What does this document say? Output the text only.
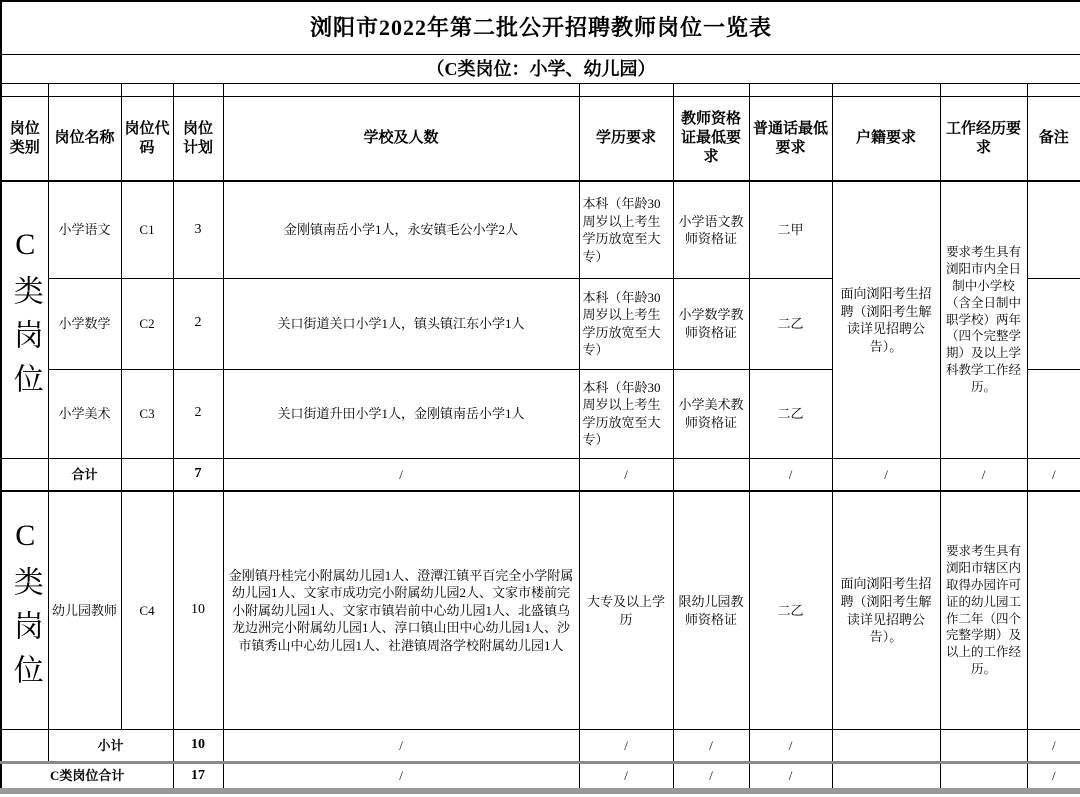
浏阳市2022年第二批公开招聘教师岗位一览表										
（C类岗位：小学、幼儿园）										

岗位类别	岗位名称	岗位代码	岗位计划	学校及人数	学历要求	教师资格证最低要求	普通话最低要求	户籍要求	工作经历要求	备注
C类岗位	小学语文	C1	3	金刚镇南岳小学1人，永安镇毛公小学2人	本科（年龄30周岁以上考生学历放宽至大专）	小学语文教师资格证	二甲	面向浏阳考生招聘（浏阳考生解读详见招聘公告）。	要求考生具有浏阳市内全日制中小学校（含全日制中职学校）两年（四个完整学期）及以上学科教学工作经历。	
	小学数学	C2	2	关口街道关口小学1人，镇头镇江东小学1人	本科（年龄30周岁以上考生学历放宽至大专）	小学数学教师资格证	二乙			
	小学美术	C3	2	关口街道升田小学1人，金刚镇南岳小学1人	本科（年龄30周岁以上考生学历放宽至大专）	小学美术教师资格证	二乙			
	合计		7	/	/		/	/	/	/
C类岗位	幼儿园教师	C4	10	金刚镇丹桂完小附属幼儿园1人、澄潭江镇平百完全小学附属幼儿园1人、文家市成功完小附属幼儿园2人、文家市楼前完小附属幼儿园1人、文家市镇岩前中心幼儿园1人、北盛镇乌龙边洲完小附属幼儿园1人、淳口镇山田中心幼儿园1人、沙市镇秀山中心幼儿园1人、社港镇周洛学校附属幼儿园1人	大专及以上学历	限幼儿园教师资格证	二乙	面向浏阳考生招聘（浏阳考生解读详见招聘公告）。	要求考生具有浏阳市辖区内取得办园许可证的幼儿园工作二年（四个完整学期）及以上的工作经历。	
	小计		10	/	/	/	/			/
C类岗位合计			17	/	/	/	/			/
